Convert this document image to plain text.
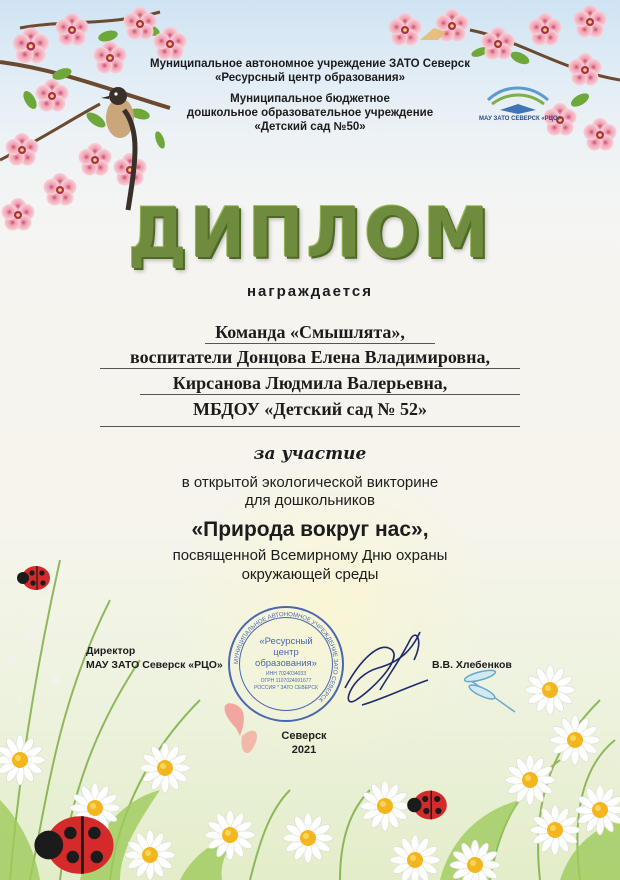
Муниципальное автономное учреждение ЗАТО Северск
«Ресурсный центр образования»
Муниципальное бюджетное
дошкольное образовательное учреждение
«Детский сад №50»
МАУ ЗАТО СЕВЕРСК «РЦО»
ДИПЛОМ
награждается
Команда «Смышлята»,
воспитатели Донцова Елена Владимировна,
Кирсанова Людмила Валерьевна,
МБДОУ «Детский сад № 52»
за участие
в открытой экологической викторине
для дошкольников
«Природа вокруг нас»,
посвященной Всемирному Дню охраны
окружающей среды
МУНИЦИПАЛЬНОЕ АВТОНОМНОЕ УЧРЕЖДЕНИЕ ЗАТО СЕВЕРСК
«Ресурсный
центр
образования»
ИНН 7024034033
ОГРН 1107024001677
РОССИЯ * ЗАТО СЕВЕРСК
Директор
МАУ ЗАТО Северск «РЦО»	В.В. Хлебенков
Северск
2021
